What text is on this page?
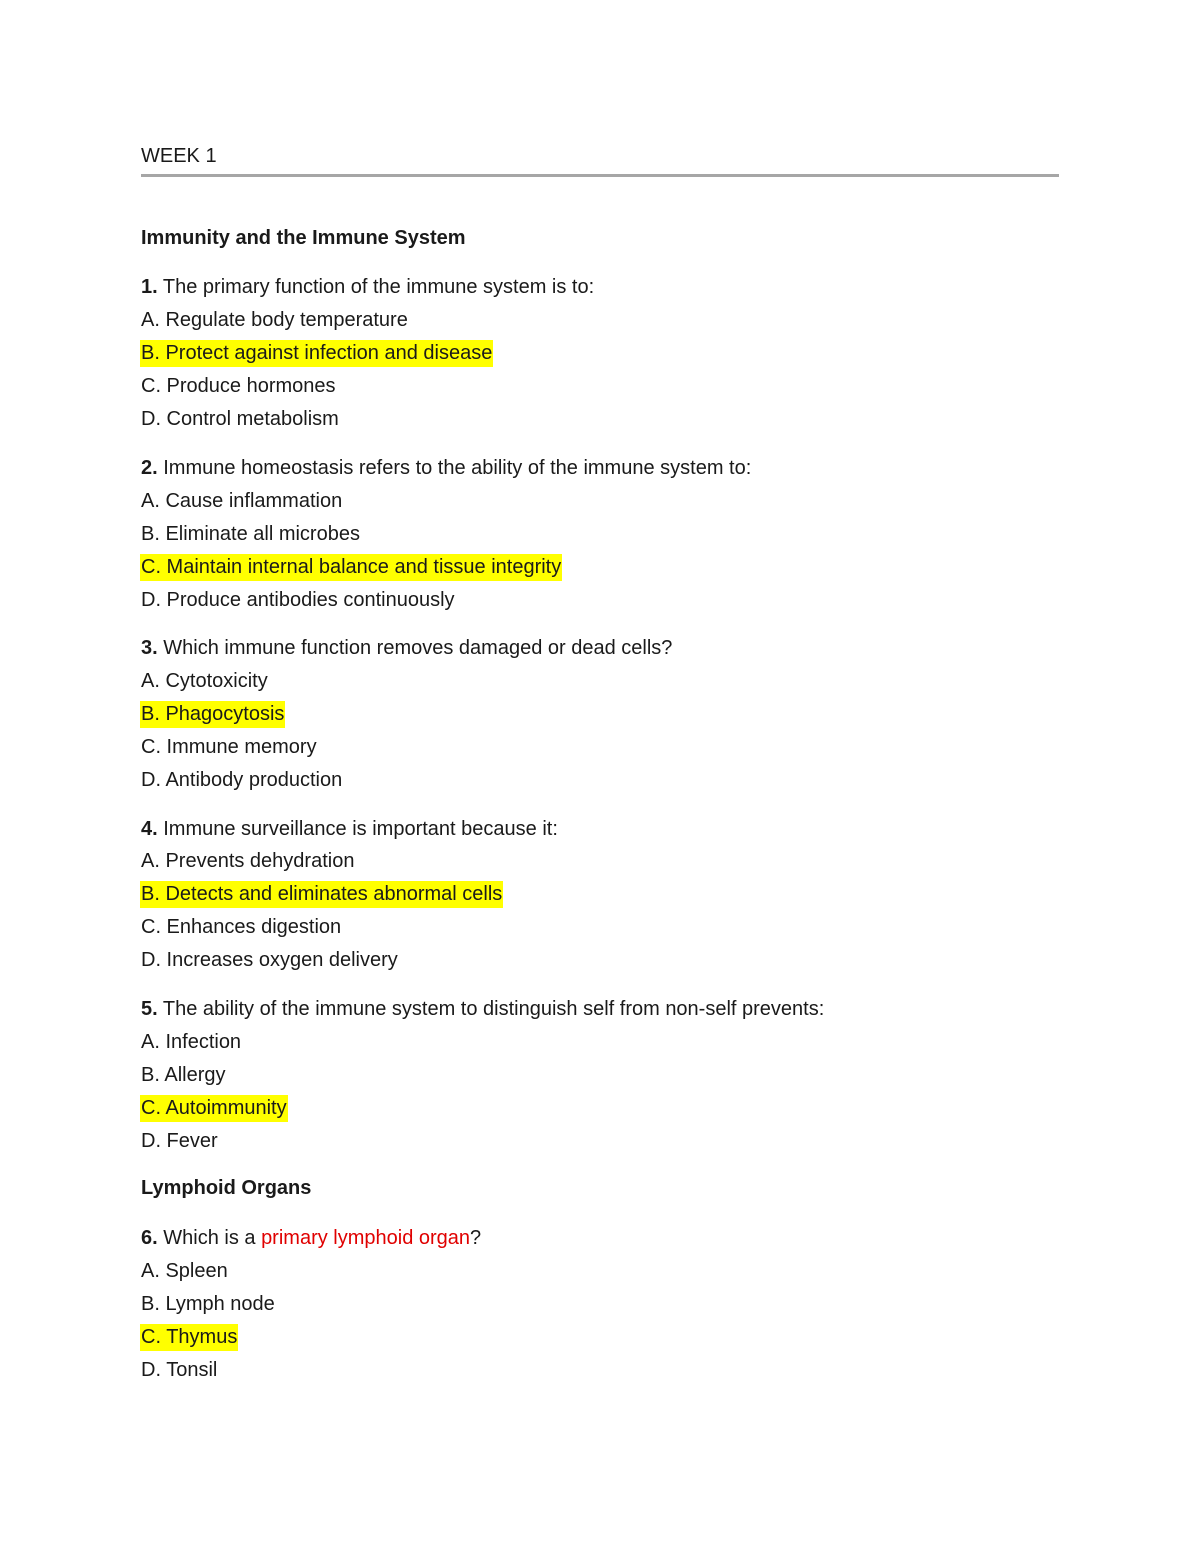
WEEK 1

Immunity and the Immune System

1. The primary function of the immune system is to:

A. Regulate body temperature

B. Protect against infection and disease

C. Produce hormones

D. Control metabolism

2. Immune homeostasis refers to the ability of the immune system to:

A. Cause inflammation

B. Eliminate all microbes

C. Maintain internal balance and tissue integrity

D. Produce antibodies continuously

3. Which immune function removes damaged or dead cells?

A. Cytotoxicity

B. Phagocytosis

C. Immune memory

D. Antibody production

4. Immune surveillance is important because it:

A. Prevents dehydration

B. Detects and eliminates abnormal cells

C. Enhances digestion

D. Increases oxygen delivery

5. The ability of the immune system to distinguish self from non-self prevents:

A. Infection

B. Allergy

C. Autoimmunity

D. Fever

Lymphoid Organs

6. Which is a primary lymphoid organ?

A. Spleen

B. Lymph node

C. Thymus

D. Tonsil
